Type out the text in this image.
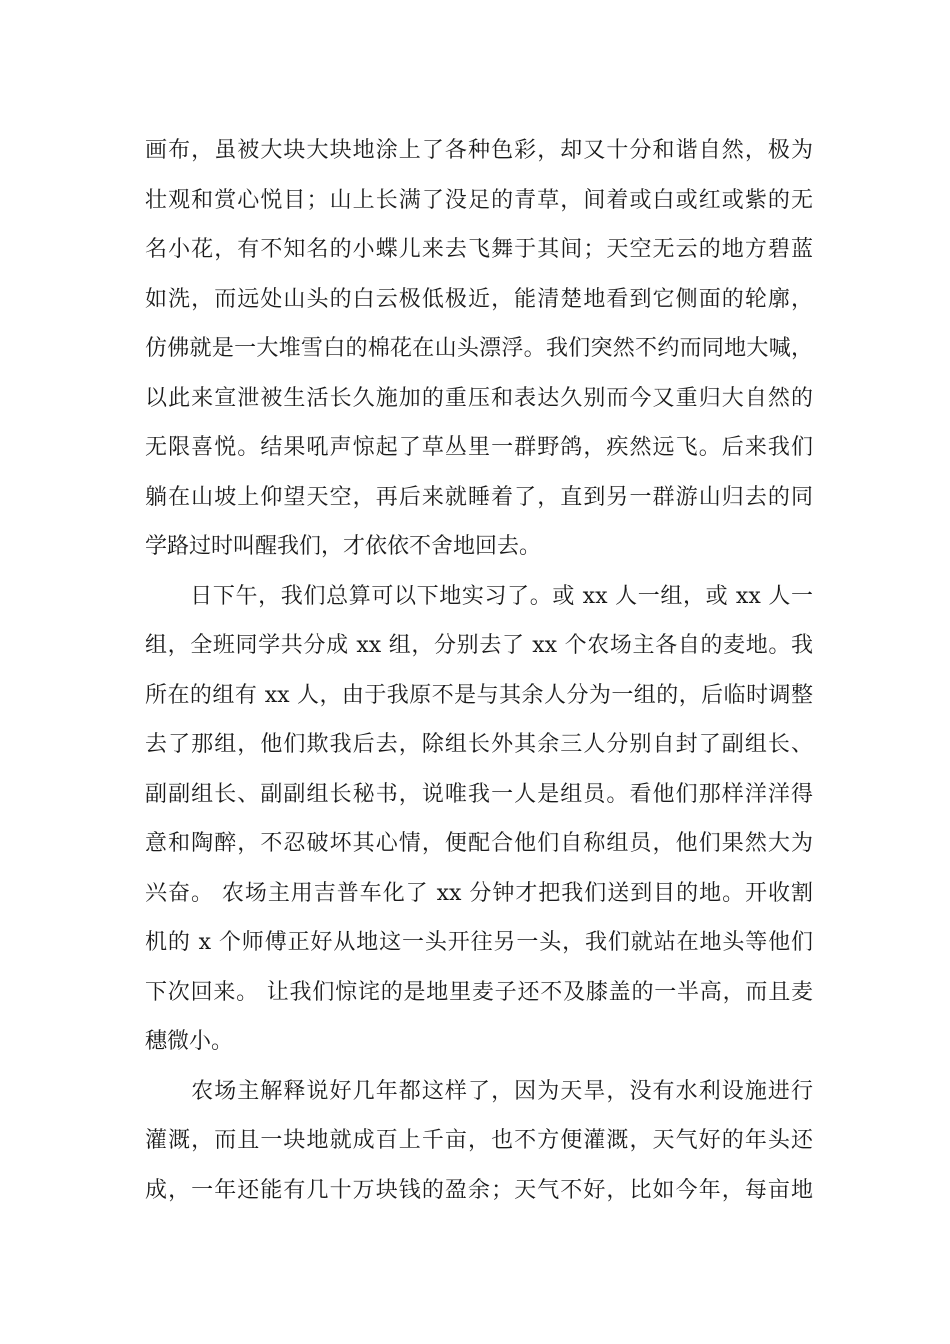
画布，虽被大块大块地涂上了各种色彩，却又十分和谐自然，极为
壮观和赏心悦目；山上长满了没足的青草，间着或白或红或紫的无
名小花，有不知名的小蝶儿来去飞舞于其间；天空无云的地方碧蓝
如洗，而远处山头的白云极低极近，能清楚地看到它侧面的轮廓，
仿佛就是一大堆雪白的棉花在山头漂浮。我们突然不约而同地大喊，
以此来宣泄被生活长久施加的重压和表达久别而今又重归大自然的
无限喜悦。结果吼声惊起了草丛里一群野鸽，疾然远飞。后来我们
躺在山坡上仰望天空，再后来就睡着了，直到另一群游山归去的同
学路过时叫醒我们，才依依不舍地回去。
　　日下午，我们总算可以下地实习了。或 xx 人一组，或 xx 人一
组，全班同学共分成 xx 组，分别去了 xx 个农场主各自的麦地。我
所在的组有 xx 人，由于我原不是与其余人分为一组的，后临时调整
去了那组，他们欺我后去，除组长外其余三人分别自封了副组长、
副副组长、副副组长秘书，说唯我一人是组员。看他们那样洋洋得
意和陶醉，不忍破坏其心情，便配合他们自称组员，他们果然大为
兴奋。 农场主用吉普车化了 xx 分钟才把我们送到目的地。开收割
机的 x 个师傅正好从地这一头开往另一头，我们就站在地头等他们
下次回来。 让我们惊诧的是地里麦子还不及膝盖的一半高，而且麦
穗微小。
　　农场主解释说好几年都这样了，因为天旱，没有水利设施进行
灌溉，而且一块地就成百上千亩，也不方便灌溉，天气好的年头还
成，一年还能有几十万块钱的盈余；天气不好，比如今年，每亩地
